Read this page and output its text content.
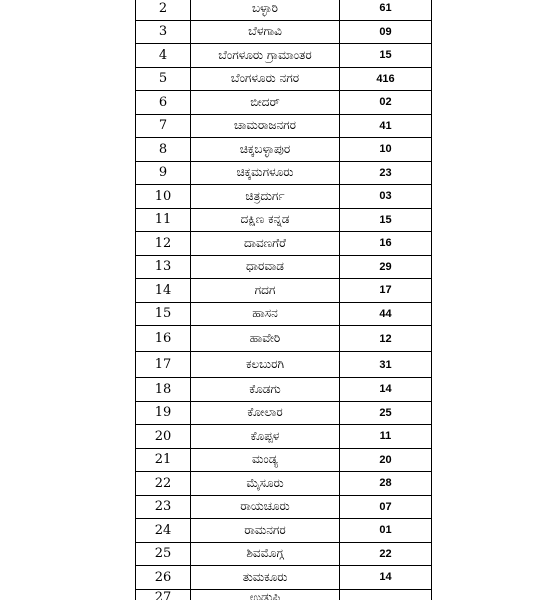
2	ಬಳ್ಳಾರಿ	61
3	ಬೆಳಗಾವಿ	09
4	ಬೆಂಗಳೂರು ಗ್ರಾಮಾಂತರ	15
5	ಬೆಂಗಳೂರು ನಗರ	416
6	ಬೀದರ್	02
7	ಚಾಮರಾಜನಗರ	41
8	ಚಿಕ್ಕಬಳ್ಳಾಪುರ	10
9	ಚಿಕ್ಕಮಗಳೂರು	23
10	ಚಿತ್ರದುರ್ಗ	03
11	ದಕ್ಷಿಣ ಕನ್ನಡ	15
12	ದಾವಣಗೆರೆ	16
13	ಧಾರವಾಡ	29
14	ಗದಗ	17
15	ಹಾಸನ	44
16	ಹಾವೇರಿ	12
17	ಕಲಬುರಗಿ	31
18	ಕೊಡಗು	14
19	ಕೋಲಾರ	25
20	ಕೊಪ್ಪಳ	11
21	ಮಂಡ್ಯ	20
22	ಮೈಸೂರು	28
23	ರಾಯಚೂರು	07
24	ರಾಮನಗರ	01
25	ಶಿವಮೊಗ್ಗ	22
26	ತುಮಕೂರು	14
27	ಉಡುಪಿ	
